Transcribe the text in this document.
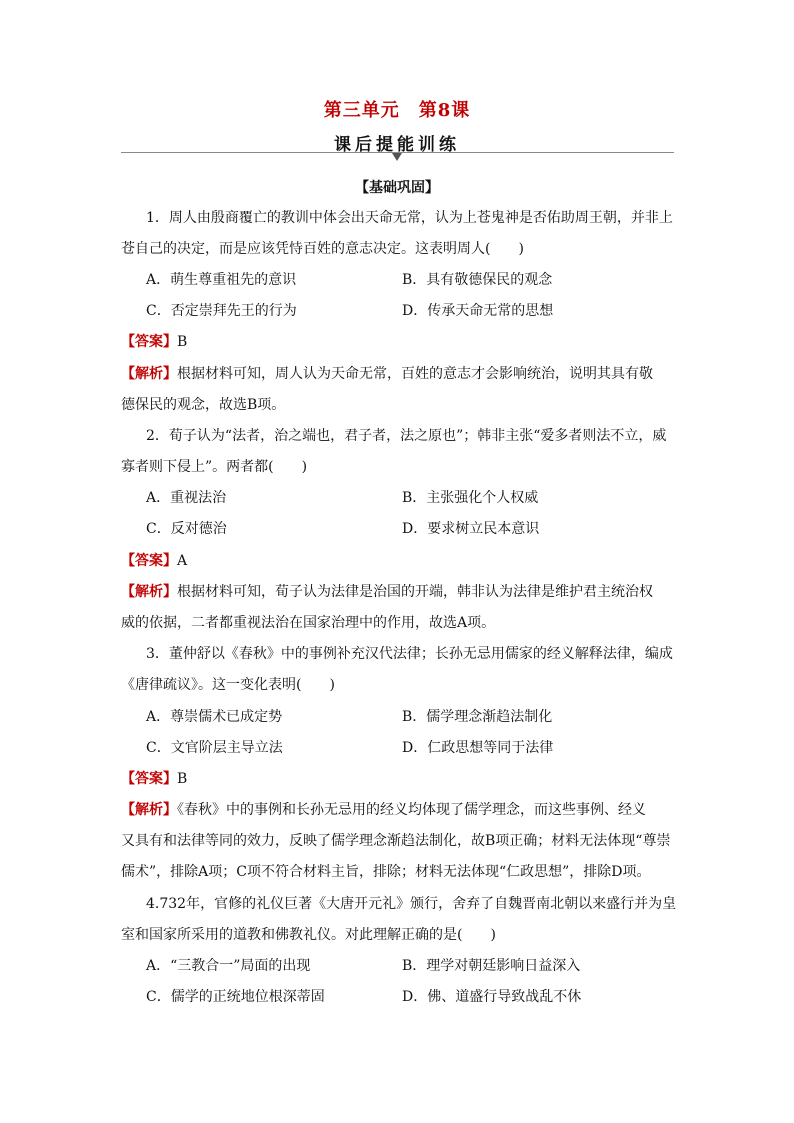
第三单元　第8课
课后提能训练
【基础巩固】
1．周人由殷商覆亡的教训中体会出天命无常，认为上苍鬼神是否佑助周王朝，并非上
苍自己的决定，而是应该凭恃百姓的意志决定。这表明周人(　　)
A．萌生尊重祖先的意识	B．具有敬德保民的观念
C．否定崇拜先王的行为	D．传承天命无常的思想
【答案】B
【解析】根据材料可知，周人认为天命无常，百姓的意志才会影响统治，说明其具有敬
德保民的观念，故选B项。
2．荀子认为“法者，治之端也，君子者，法之原也”；韩非主张“爱多者则法不立，威
寡者则下侵上”。两者都(　　)
A．重视法治	B．主张强化个人权威
C．反对德治	D．要求树立民本意识
【答案】A
【解析】根据材料可知，荀子认为法律是治国的开端，韩非认为法律是维护君主统治权
威的依据，二者都重视法治在国家治理中的作用，故选A项。
3．董仲舒以《春秋》中的事例补充汉代法律；长孙无忌用儒家的经义解释法律，编成
《唐律疏议》。这一变化表明(　　)
A．尊崇儒术已成定势	B．儒学理念渐趋法制化
C．文官阶层主导立法	D．仁政思想等同于法律
【答案】B
【解析】《春秋》中的事例和长孙无忌用的经义均体现了儒学理念，而这些事例、经义
又具有和法律等同的效力，反映了儒学理念渐趋法制化，故B项正确；材料无法体现“尊崇
儒术”，排除A项；C项不符合材料主旨，排除；材料无法体现“仁政思想”，排除D项。
4.732年，官修的礼仪巨著《大唐开元礼》颁行，舍弃了自魏晋南北朝以来盛行并为皇
室和国家所采用的道教和佛教礼仪。对此理解正确的是(　　)
A．“三教合一”局面的出现	B．理学对朝廷影响日益深入
C．儒学的正统地位根深蒂固	D．佛、道盛行导致战乱不休
